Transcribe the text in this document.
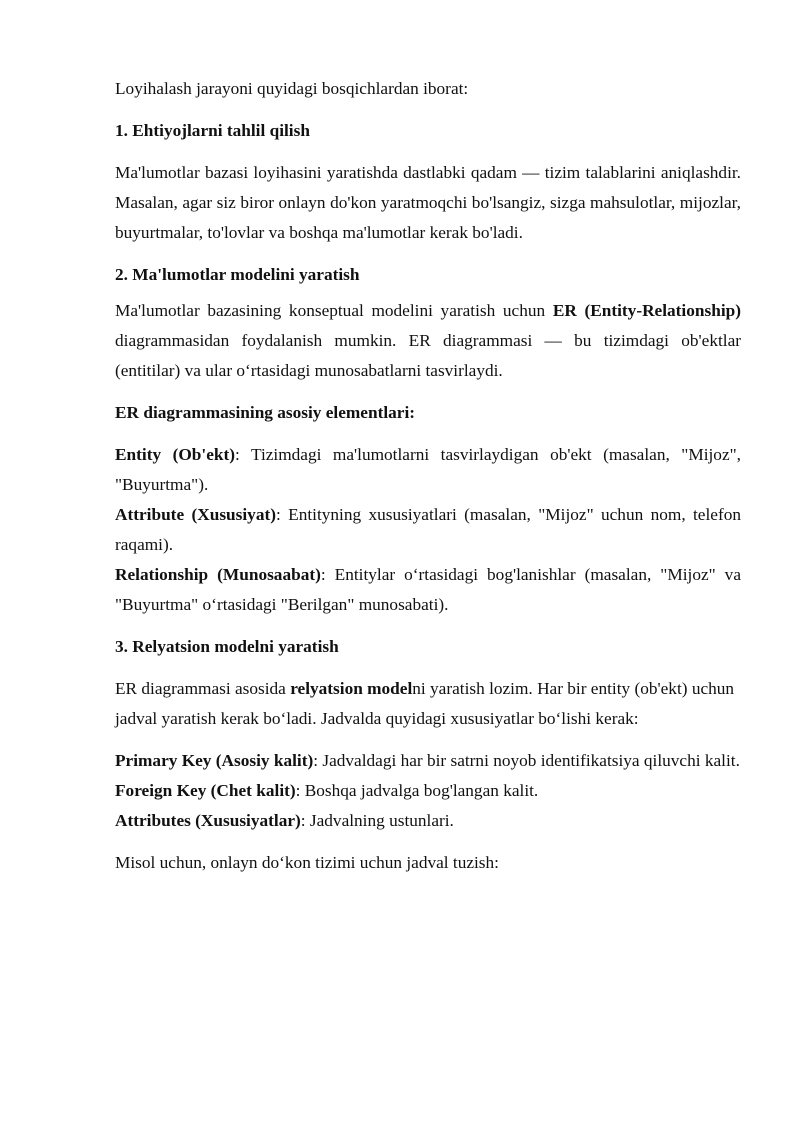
Loyihalash jarayoni quyidagi bosqichlardan iborat:

1. Ehtiyojlarni tahlil qilish

Ma'lumotlar bazasi loyihasini yaratishda dastlabki qadam — tizim talablarini aniqlashdir. Masalan, agar siz biror onlayn do'kon yaratmoqchi bo'lsangiz, sizga mahsulotlar, mijozlar, buyurtmalar, to'lovlar va boshqa ma'lumotlar kerak bo'ladi.

2. Ma'lumotlar modelini yaratish

Ma'lumotlar bazasining konseptual modelini yaratish uchun ER (Entity-Relationship) diagrammasidan foydalanish mumkin. ER diagrammasi — bu tizimdagi ob'ektlar (entitilar) va ular o‘rtasidagi munosabatlarni tasvirlaydi.

ER diagrammasining asosiy elementlari:

Entity (Ob'ekt): Tizimdagi ma'lumotlarni tasvirlaydigan ob'ekt (masalan, "Mijoz", "Buyurtma").

Attribute (Xususiyat): Entityning xususiyatlari (masalan, "Mijoz" uchun nom, telefon raqami).

Relationship (Munosaabat): Entitylar o‘rtasidagi bog'lanishlar (masalan, "Mijoz" va "Buyurtma" o‘rtasidagi "Berilgan" munosabati).

3. Relyatsion modelni yaratish

ER diagrammasi asosida relyatsion modelni yaratish lozim. Har bir entity (ob'ekt) uchun jadval yaratish kerak bo‘ladi. Jadvalda quyidagi xususiyatlar bo‘lishi kerak:

Primary Key (Asosiy kalit): Jadvaldagi har bir satrni noyob identifikatsiya qiluvchi kalit.

Foreign Key (Chet kalit): Boshqa jadvalga bog'langan kalit.

Attributes (Xususiyatlar): Jadvalning ustunlari.

Misol uchun, onlayn do‘kon tizimi uchun jadval tuzish:
